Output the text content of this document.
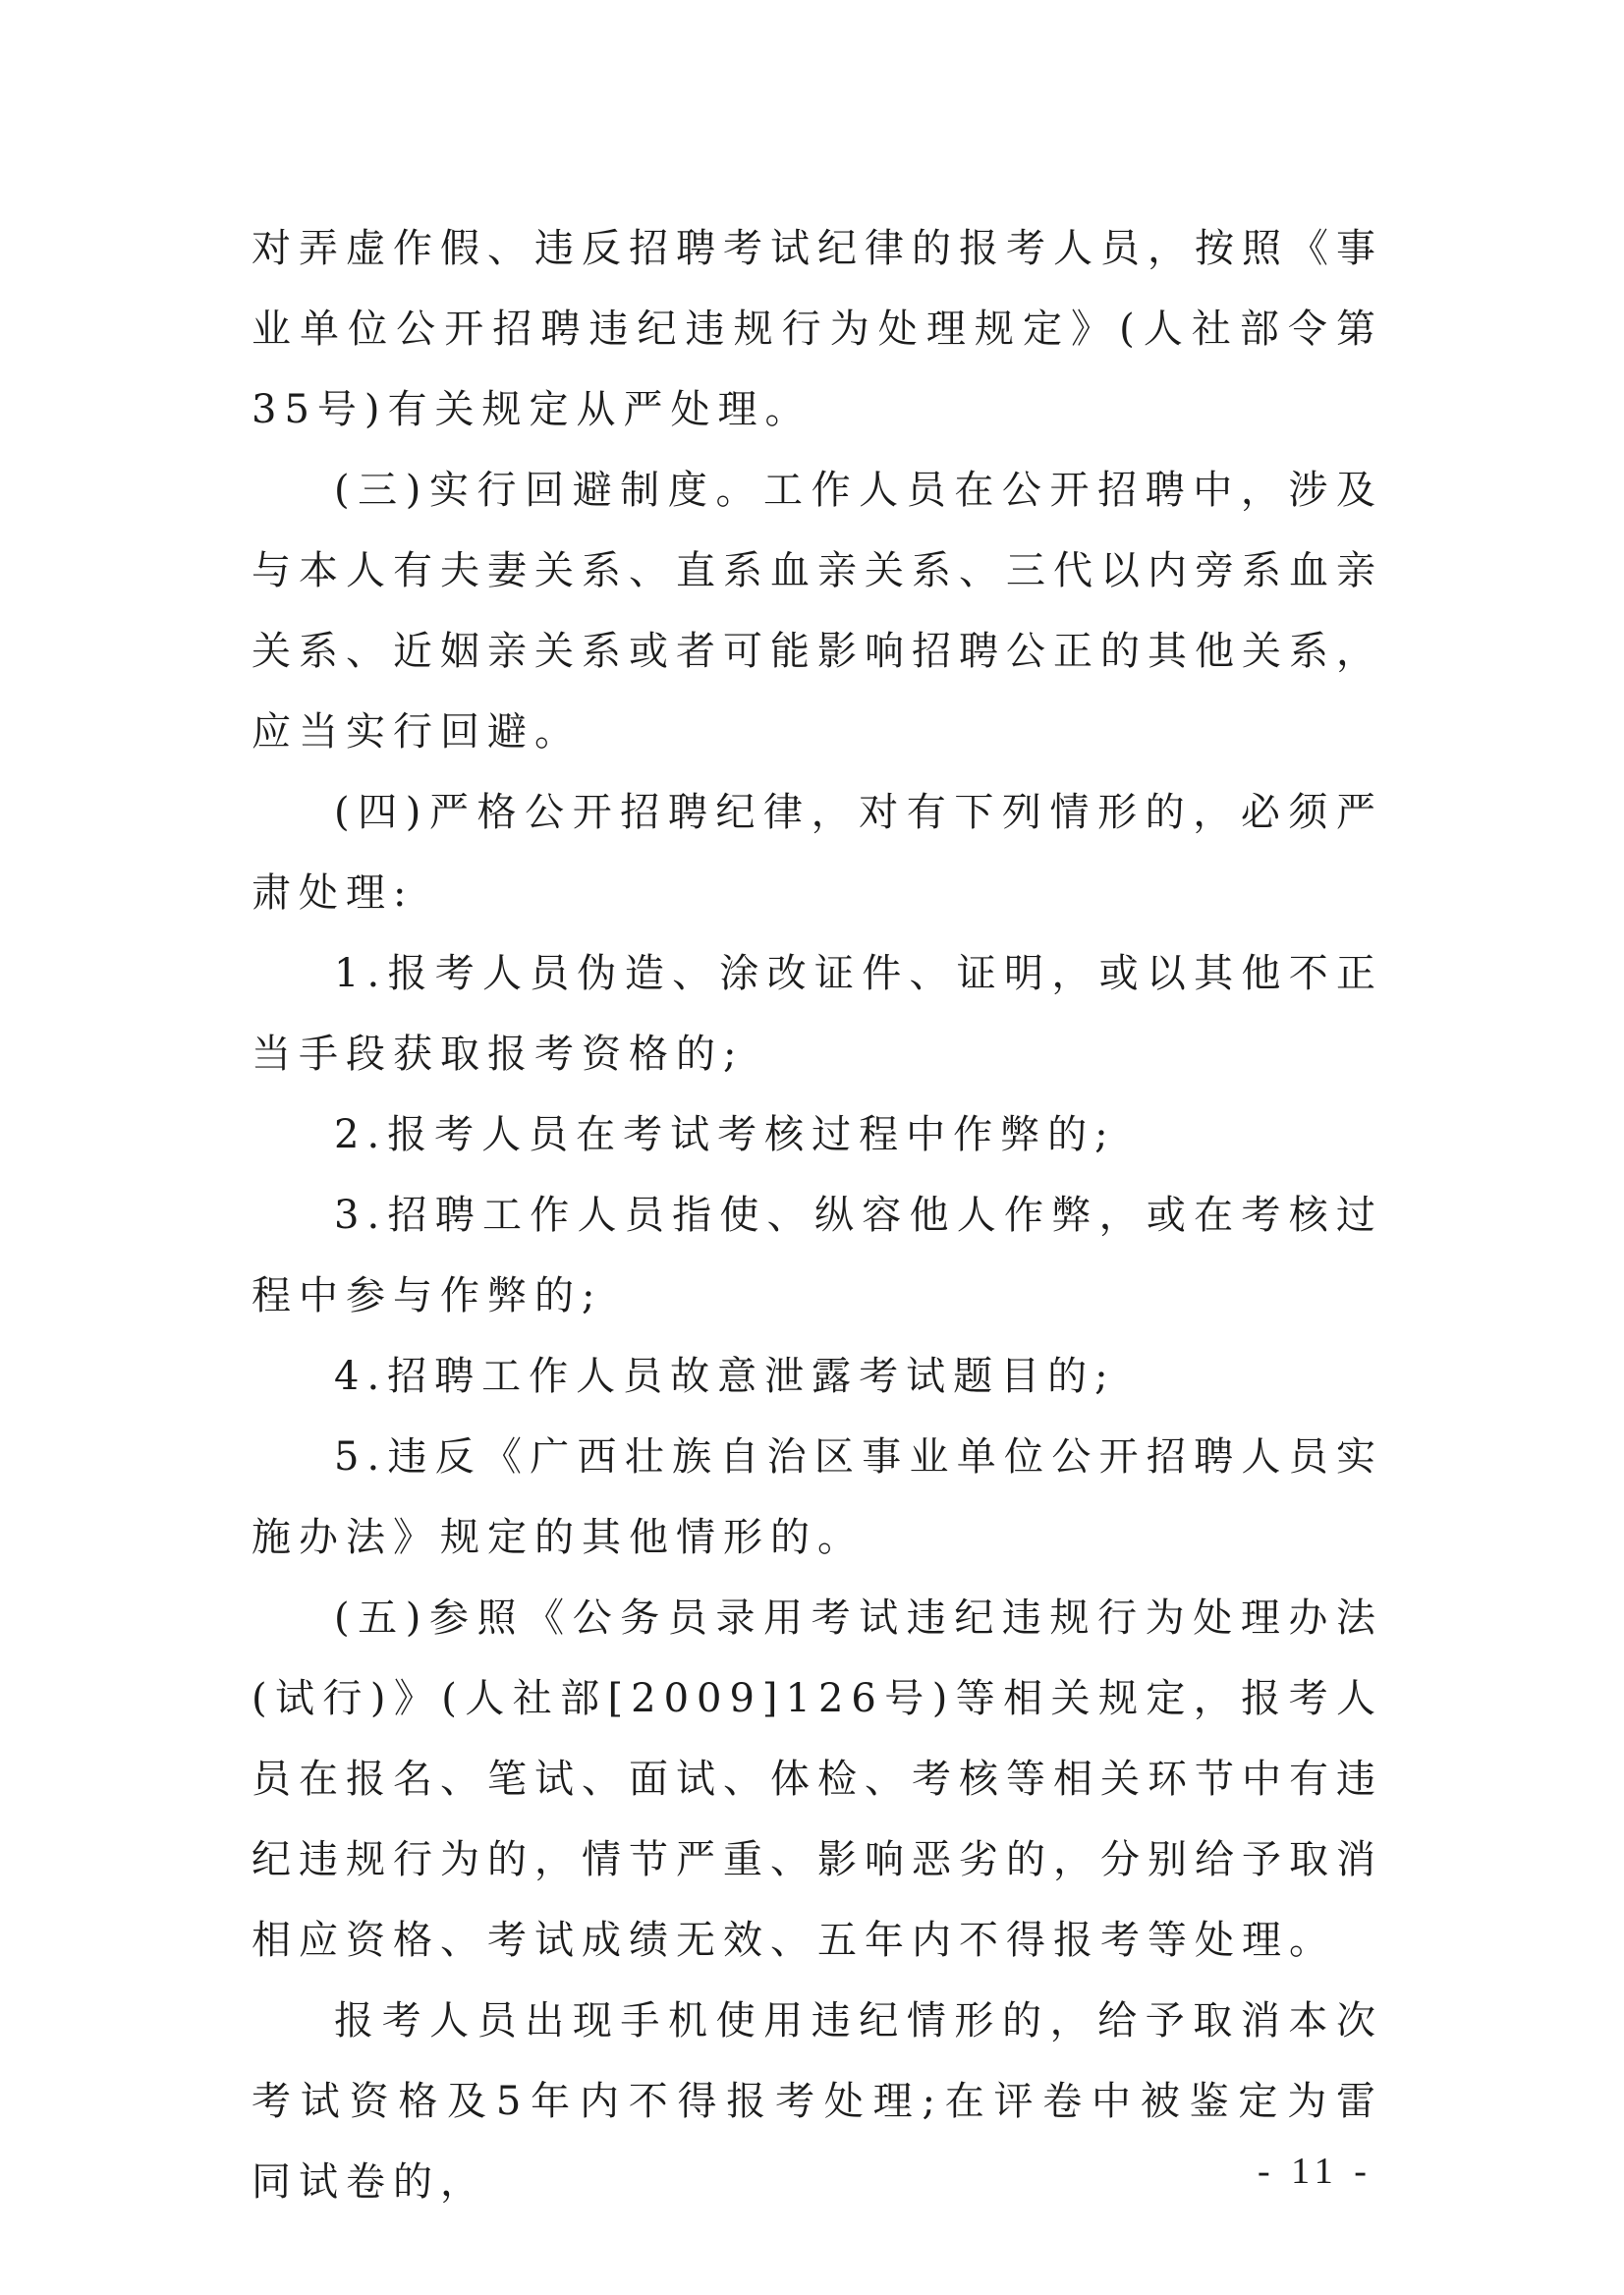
对弄虚作假、违反招聘考试纪律的报考人员，按照《事业单位公开招聘违纪违规行为处理规定》(人社部令第35号)有关规定从严处理。

(三)实行回避制度。工作人员在公开招聘中，涉及与本人有夫妻关系、直系血亲关系、三代以内旁系血亲关系、近姻亲关系或者可能影响招聘公正的其他关系，应当实行回避。

(四)严格公开招聘纪律，对有下列情形的，必须严肃处理:

1.报考人员伪造、涂改证件、证明，或以其他不正当手段获取报考资格的;

2.报考人员在考试考核过程中作弊的;

3.招聘工作人员指使、纵容他人作弊，或在考核过程中参与作弊的;

4.招聘工作人员故意泄露考试题目的;

5.违反《广西壮族自治区事业单位公开招聘人员实施办法》规定的其他情形的。

(五)参照《公务员录用考试违纪违规行为处理办法(试行)》(人社部[2009]126号)等相关规定，报考人员在报名、笔试、面试、体检、考核等相关环节中有违纪违规行为的，情节严重、影响恶劣的，分别给予取消相应资格、考试成绩无效、五年内不得报考等处理。

报考人员出现手机使用违纪情形的，给予取消本次考试资格及5年内不得报考处理;在评卷中被鉴定为雷同试卷的，	- 11 -
